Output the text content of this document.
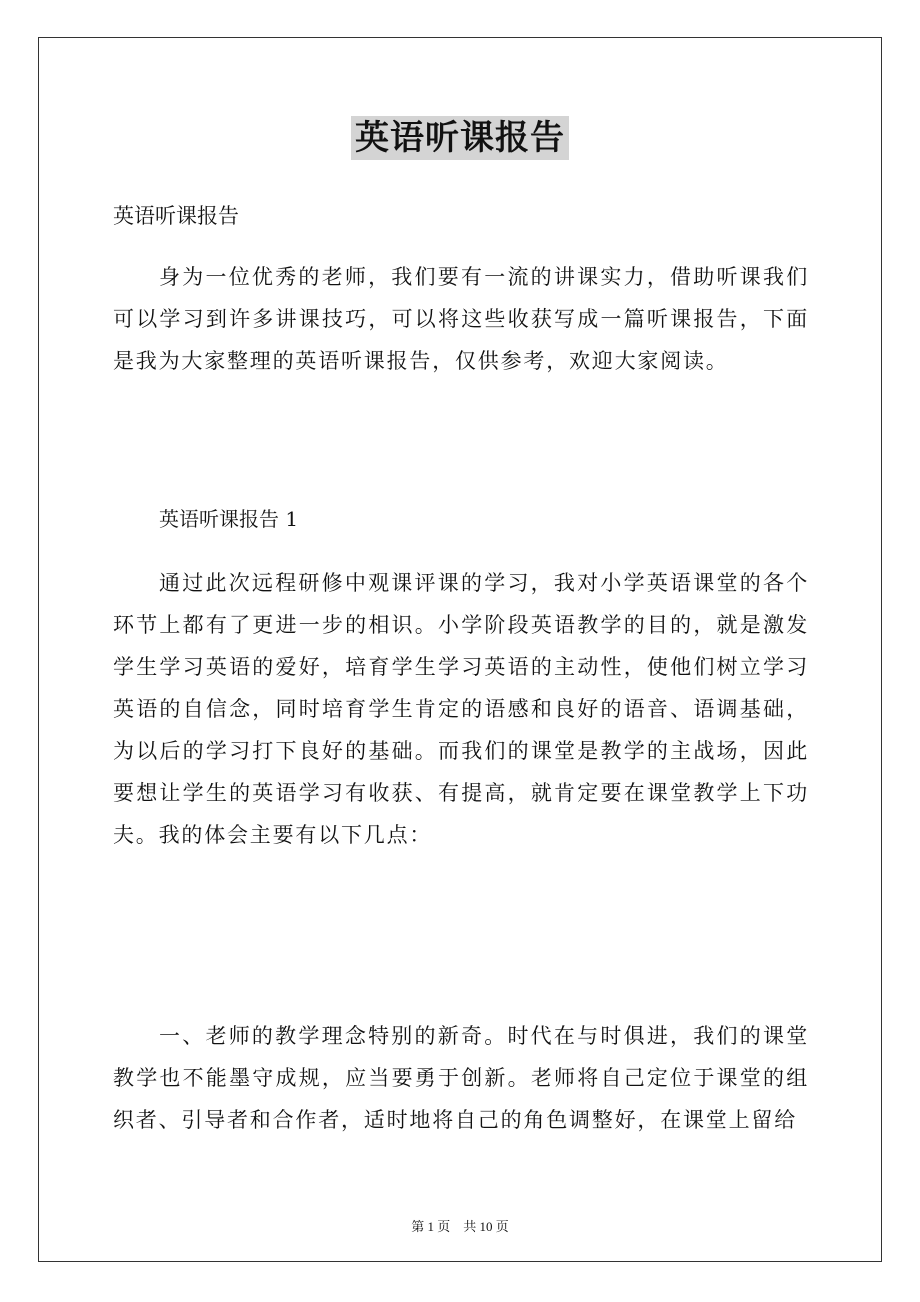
英语听课报告
英语听课报告

身为一位优秀的老师，我们要有一流的讲课实力，借助听课我们可以学习到许多讲课技巧，可以将这些收获写成一篇听课报告，下面是我为大家整理的英语听课报告，仅供参考，欢迎大家阅读。

英语听课报告 1

通过此次远程研修中观课评课的学习，我对小学英语课堂的各个环节上都有了更进一步的相识。小学阶段英语教学的目的，就是激发学生学习英语的爱好，培育学生学习英语的主动性，使他们树立学习英语的自信念，同时培育学生肯定的语感和良好的语音、语调基础，为以后的学习打下良好的基础。而我们的课堂是教学的主战场，因此要想让学生的英语学习有收获、有提高，就肯定要在课堂教学上下功夫。我的体会主要有以下几点：

一、老师的教学理念特别的新奇。时代在与时俱进，我们的课堂教学也不能墨守成规，应当要勇于创新。老师将自己定位于课堂的组织者、引导者和合作者，适时地将自己的角色调整好，在课堂上留给

第 1 页　共 10 页
